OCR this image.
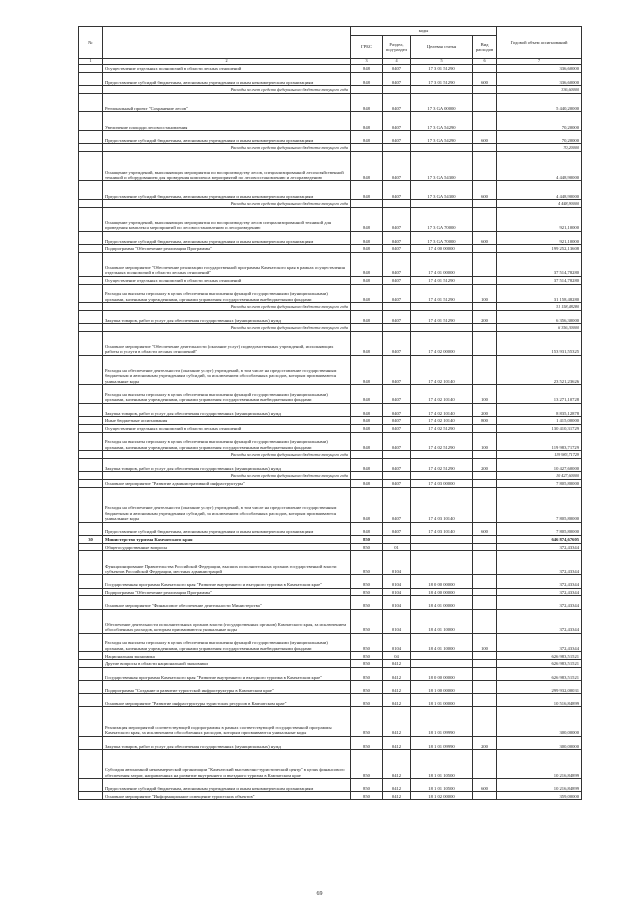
№		коды				Годовой объем ассигнований
		ГРБС	Раздел, под-раздел	Целевая статья	Вид расходов	
1	2	3	4	5	6	7
	Осуществление отдельных полномочий в области лесных отношений	848	0407	17 3 01 51290		336,60000
	Предоставление субсидий бюджетным, автономным учреждениям и иным некоммерческим организациям	848	0407	17 3 01 51290	600	336,60000
	Расходы за счет средств федерального бюджета текущего года					336,60000
	Региональный проект "Сохранение лесов"	848	0407	17 3 GA 00000		5 440,20000
	Увеличение площади лесовосстановления	848	0407	17 3 GA 54290		70,20000
	Предоставление субсидий бюджетным, автономным учреждениям и иным некоммерческим организациям	848	0407	17 3 GA 54290	600	70,20000
	Расходы за счет средств федерального бюджета текущего года					70,20000
	Оснащение учреждений, выполняющих мероприятия по воспроизводству лесов, специализированной лесохозяйственной техникой и оборудованием для проведения комплекса мероприятий по лесовосстановлению и лесоразведению	848	0407	17 3 GA 54300		4 448,90000
	Предоставление субсидий бюджетным, автономным учреждениям и иным некоммерческим организациям	848	0407	17 3 GA 54300	600	4 448,90000
	Расходы за счет средств федерального бюджета текущего года					4 448,90000
	Оснащение учреждений, выполняющих мероприятия по воспроизводству лесов специализированной техникой для проведения комплекса мероприятий по лесовосстановлению и лесоразведению	848	0407	17 3 GA 70000		921,10000
	Предоставление субсидий бюджетным, автономным учреждениям и иным некоммерческим организациям	848	0407	17 3 GA 70000	600	921,10000
	Подпрограмма "Обеспечение реализации Программы"	848	0407	17 4 00 00000		199 252,13608
	Основное мероприятие "Обеспечение реализации государственной программы Камчатского края в рамках осуществления отдельных полномочий в области лесных отношений"	848	0407	17 4 01 00000		37 514,78280
	Осуществление отдельных полномочий в области лесных отношений	848	0407	17 4 01 51290		37 514,78280
	Расходы на выплаты персоналу в целях обеспечения выполнения функций государственными (муниципальными) органами, казенными учреждениями, органами управления государственными внебюджетными фондами	848	0407	17 4 01 51290	100	31 158,48280
	Расходы за счет средств федерального бюджета текущего года					31 158,48280
	Закупка товаров, работ и услуг для обеспечения государственных (муниципальных) нужд	848	0407	17 4 01 51290	200	6 356,30000
	Расходы за счет средств федерального бюджета текущего года					6 356,30000
	Основное мероприятие "Обеспечение деятельности (оказание услуг) подведомственных учреждений, исполняющих работы и услуги в области лесных отношений"	848	0407	17 4 02 00000		153 931,55325
	Расходы на обеспечение деятельности (оказание услуг) учреждений, в том числе на предоставление государственным бюджетным и автономным учреждениям субсидий, за исключением обособленных расходов, которым присваиваются уникальные коды	848	0407	17 4 02 10140		23 521,23626
	Расходы на выплаты персоналу в целях обеспечения выполнения функций государственными (муниципальными) органами, казенными учреждениями, органами управления государственными внебюджетными фондами	848	0407	17 4 02 10140	100	13 271,10728
	Закупка товаров, работ и услуг для обеспечения государственных (муниципальных) нужд	848	0407	17 4 02 10140	200	8 835,12878
	Иные бюджетные ассигнования	848	0407	17 4 02 10140	800	1 415,00000
	Осуществление отдельных полномочий в области лесных отношений	848	0407	17 4 02 51290		130 410,31729
	Расходы на выплаты персоналу в целях обеспечения выполнения функций государственными (муниципальными) органами, казенными учреждениями, органами управления государственными внебюджетными фондами	848	0407	17 4 02 51290	100	119 983,71729
	Расходы за счет средств федерального бюджета текущего года					119 983,71729
	Закупка товаров, работ и услуг для обеспечения государственных (муниципальных) нужд	848	0407	17 4 02 51290	200	10 427,60000
	Расходы за счет средств федерального бюджета текущего года					10 427,60000
	Основное мероприятие "Развитие административной инфраструктуры"	848	0407	17 4 03 00000		7 805,80000
	Расходы на обеспечение деятельности (оказание услуг) учреждений, в том числе на предоставление государственным бюджетным и автономным учреждениям субсидий, за исключением обособленных расходов, которым присваиваются уникальные коды	848	0407	17 4 03 10140		7 805,80000
	Предоставление субсидий бюджетным, автономным учреждениям и иным некоммерческим организациям	848	0407	17 4 03 10140	600	7 805,80000
30	Министерство туризма Камчатского края	850				646 874,67605
	Общегосударственные вопросы	850	01			372,43344
	Функционирование Правительства Российской Федерации, высших исполнительных органов государственной власти субъектов Российской Федерации, местных администраций	850	0104			372,43344
	Государственная программа Камчатского края "Развитие внутреннего и въездного туризма в Камчатском крае"	850	0104	18 0 00 00000		372,43344
	Подпрограмма "Обеспечение реализации Программы"	850	0104	18 4 00 00000		372,43344
	Основное мероприятие "Финансовое обеспечение деятельности Министерства"	850	0104	18 4 01 00000		372,43344
	Обеспечение деятельности исполнительных органов власти (государственных органов) Камчатского края, за исключением обособленных расходов, которым присваиваются уникальные коды	850	0104	18 4 01 10000		372,43344
	Расходы на выплаты персоналу в целях обеспечения выполнения функций государственными (муниципальными) органами, казенными учреждениями, органами управления государственными внебюджетными фондами	850	0104	18 4 01 10000	100	372,43344
	Национальная экономика	850	04			626 983,51521
	Другие вопросы в области национальной экономики	850	0412			626 983,51521
	Государственная программа Камчатского края "Развитие внутреннего и въездного туризма в Камчатском крае"	850	0412	18 0 00 00000		626 983,51521
	Подпрограмма "Создание и развитие туристской инфраструктуры в Камчатском крае"	850	0412	18 1 00 00000		299 932,00031
	Основное мероприятие "Развитие инфраструктуры туристских ресурсов в Камчатском крае"	850	0412	18 1 01 00000		10 516,84899
	Реализация мероприятий соответствующей подпрограммы в рамках соответствующей государственной программы Камчатского края, за исключением обособленных расходов, которым присваиваются уникальные коды	850	0412	18 1 01 09990		300,00000
	Закупка товаров, работ и услуг для обеспечения государственных (муниципальных) нужд	850	0412	18 1 01 09990	200	300,00000
	Субсидия автономной некоммерческой организации "Камчатский выставочно-туристический центр" в целях финансового обеспечения затрат, направленных на развитие внутреннего и въездного туризма в Камчатском крае	850	0412	18 1 01 10500		10 216,84899
	Предоставление субсидий бюджетным, автономным учреждениям и иным некоммерческим организациям	850	0412	18 1 01 10500	600	10 216,84899
	Основное мероприятие "Информационное освещение туристских объектов"	850	0412	18 1 02 00000		359,00000
69
